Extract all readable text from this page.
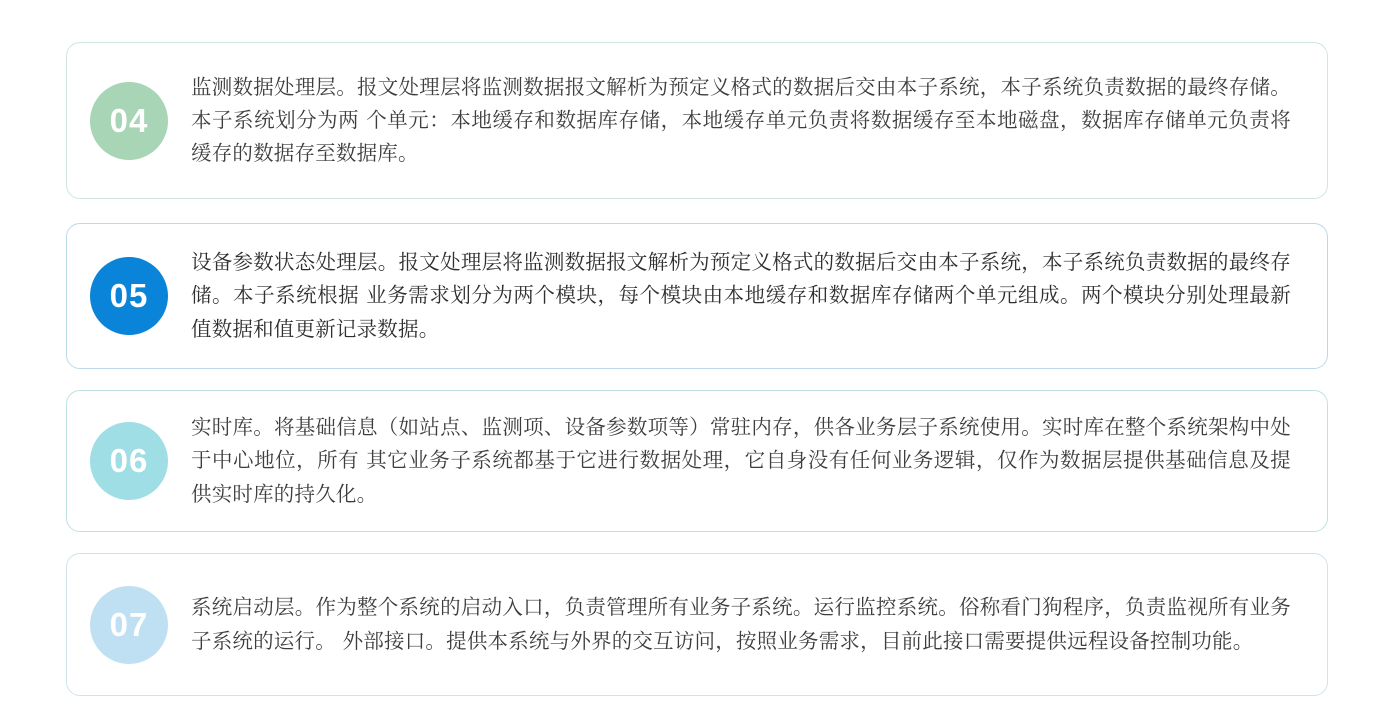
04
监测数据处理层。报文处理层将监测数据报文解析为预定义格式的数据后交由本子系统，本子系统负责数据的最终存储。本子系统划分为两 个单元：本地缓存和数据库存储，本地缓存单元负责将数据缓存至本地磁盘，数据库存储单元负责将缓存的数据存至数据库。
05
设备参数状态处理层。报文处理层将监测数据报文解析为预定义格式的数据后交由本子系统，本子系统负责数据的最终存储。本子系统根据 业务需求划分为两个模块，每个模块由本地缓存和数据库存储两个单元组成。两个模块分别处理最新值数据和值更新记录数据。
06
实时库。将基础信息（如站点、监测项、设备参数项等）常驻内存，供各业务层子系统使用。实时库在整个系统架构中处于中心地位，所有 其它业务子系统都基于它进行数据处理，它自身没有任何业务逻辑，仅作为数据层提供基础信息及提供实时库的持久化。
07	系统启动层。作为整个系统的启动入口，负责管理所有业务子系统。运行监控系统。俗称看门狗程序，负责监视所有业务子系统的运行。 外部接口。提供本系统与外界的交互访问，按照业务需求，目前此接口需要提供远程设备控制功能。
